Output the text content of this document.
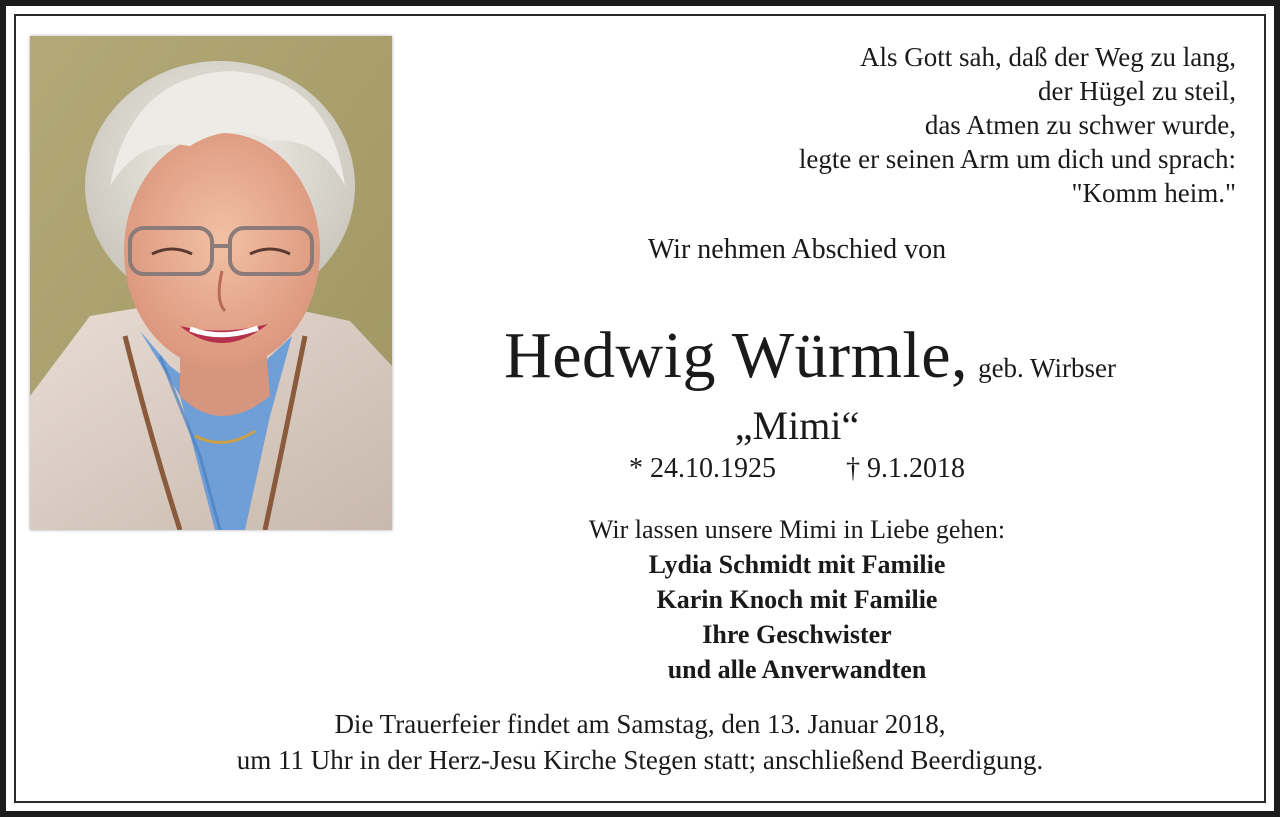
Als Gott sah, daß der Weg zu lang,
der Hügel zu steil,
das Atmen zu schwer wurde,
legte er seinen Arm um dich und sprach:
"Komm heim."
Wir nehmen Abschied von
Hedwig Würmle, geb. Wirbser
„Mimi“
* 24.10.1925	† 9.1.2018
Wir lassen unsere Mimi in Liebe gehen:
Lydia Schmidt mit Familie
Karin Knoch mit Familie
Ihre Geschwister
und alle Anverwandten
Die Trauerfeier findet am Samstag, den 13. Januar 2018,
um 11 Uhr in der Herz-Jesu Kirche Stegen statt; anschließend Beerdigung.
